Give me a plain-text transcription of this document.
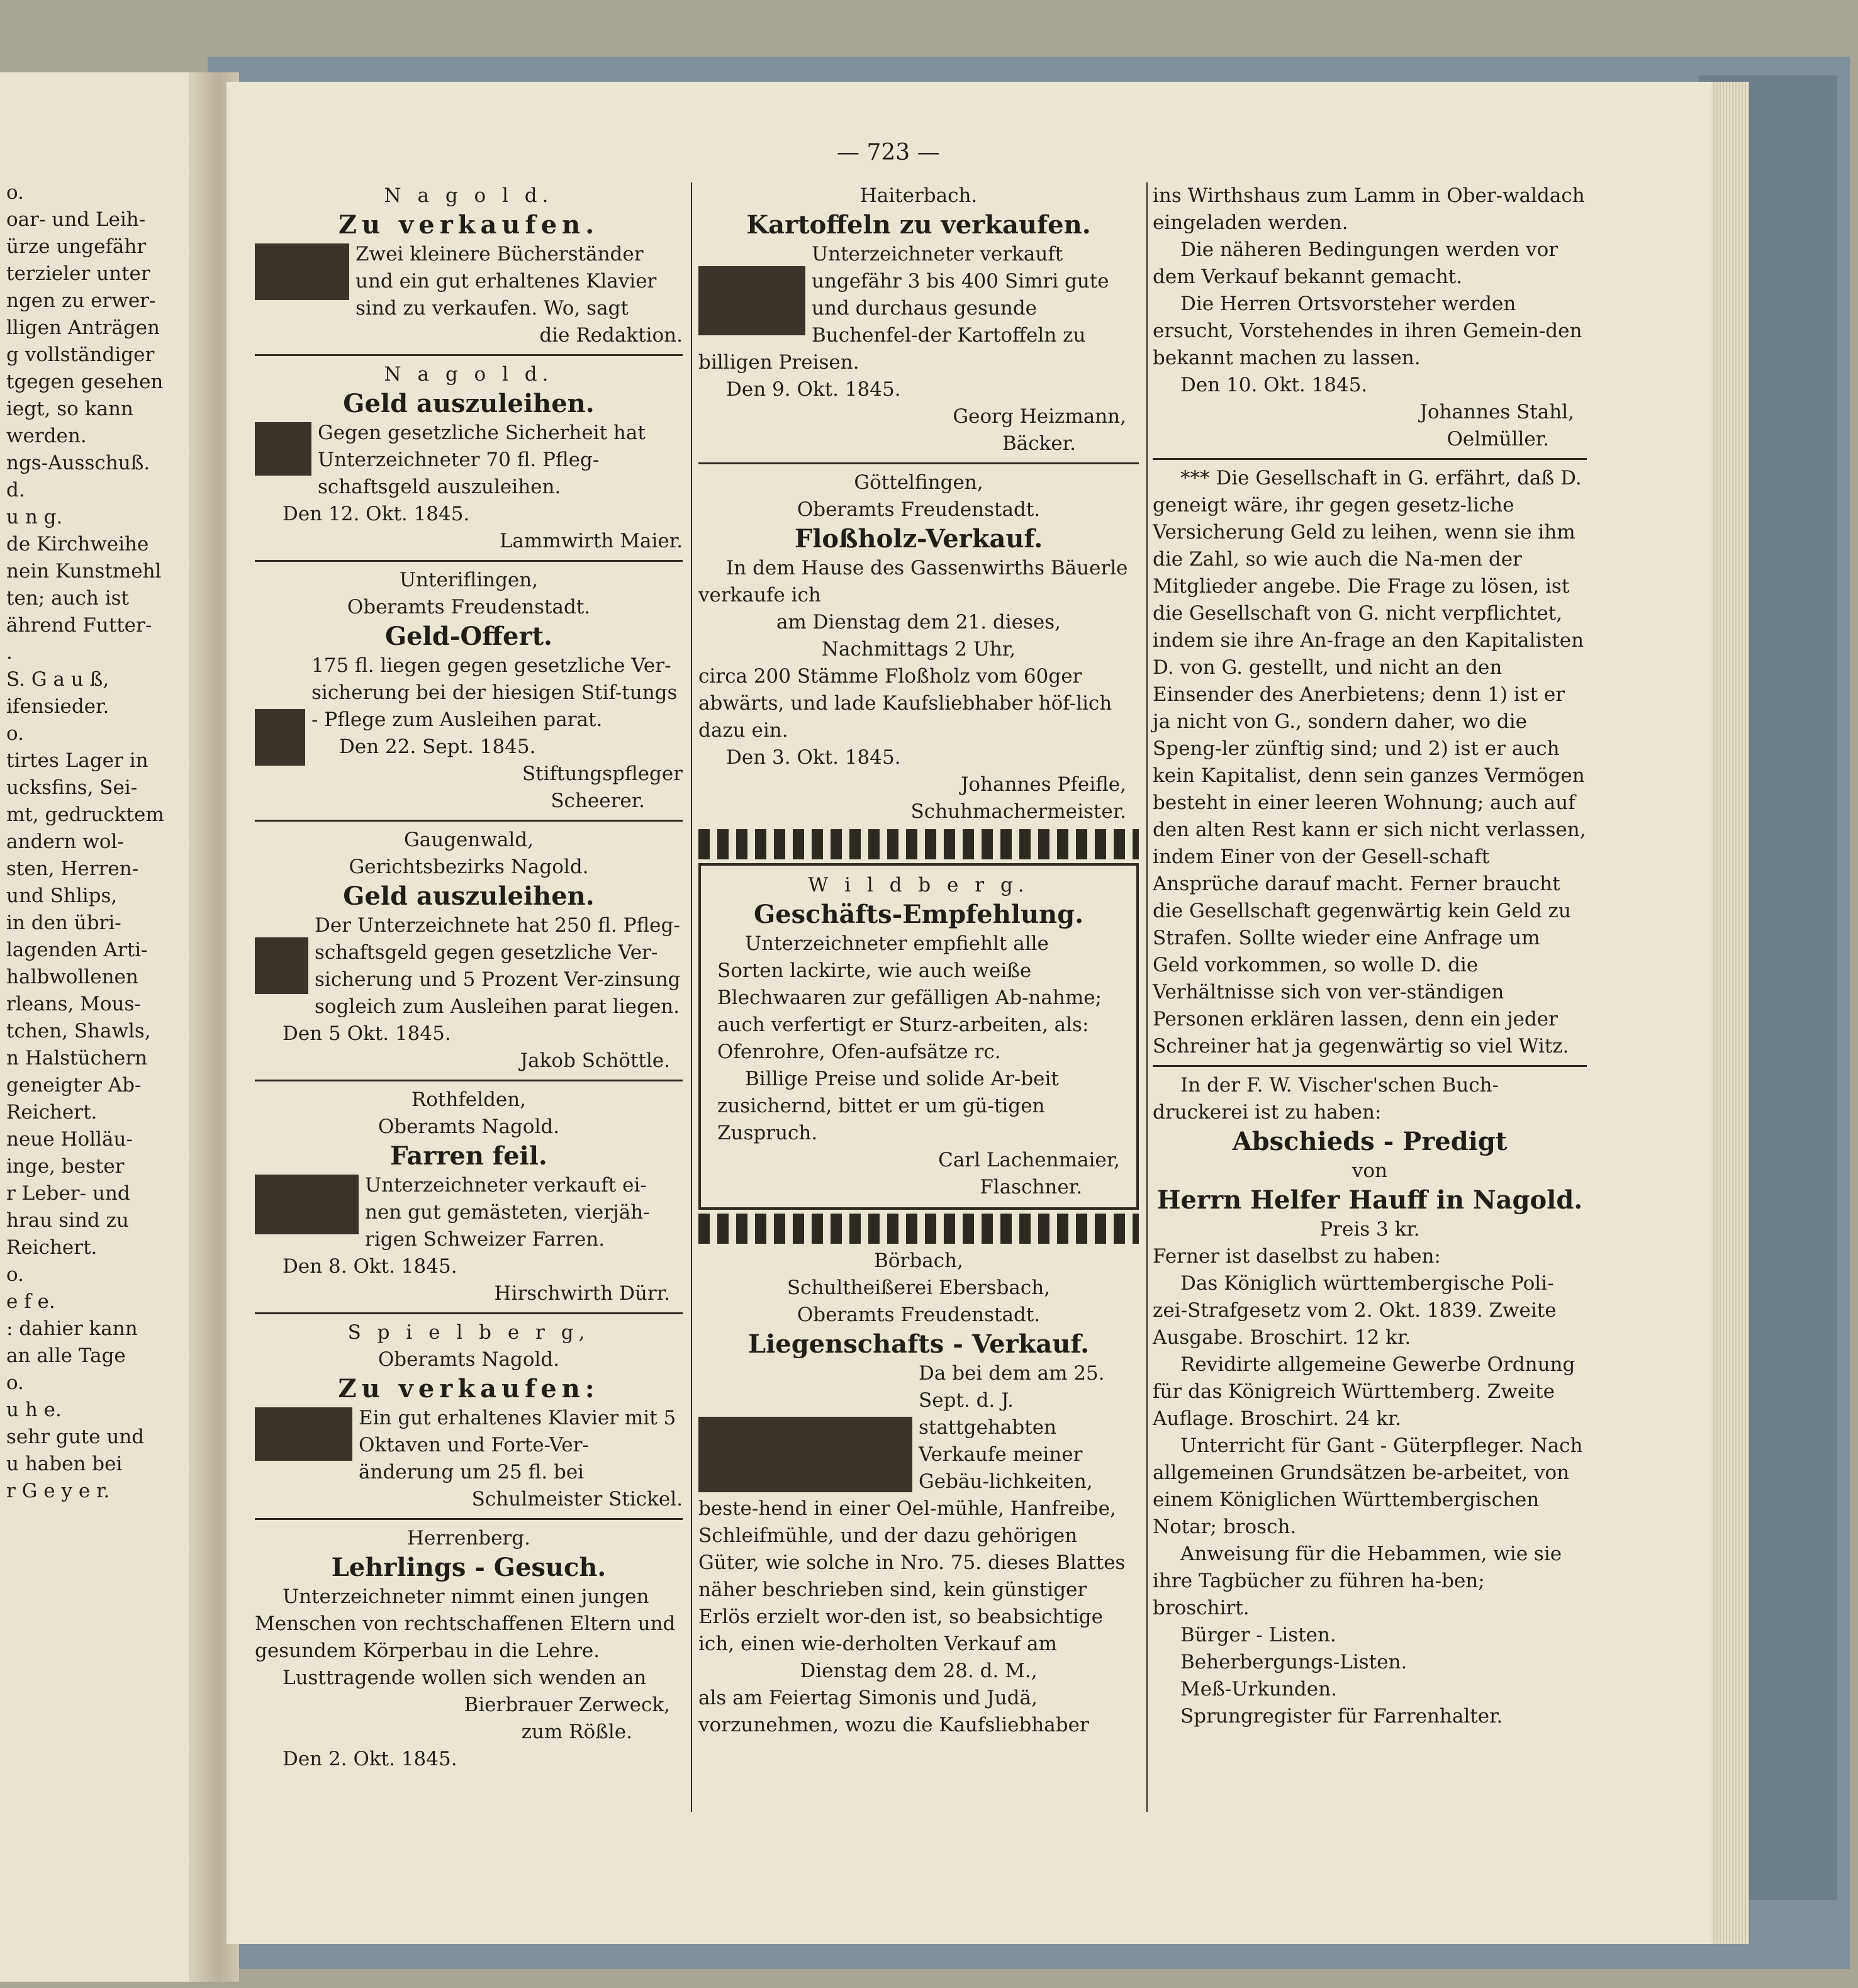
o.
oar- und Leih-
ürze ungefähr
terzieler unter
ngen zu erwer-
lligen Anträgen
g vollständiger
tgegen gesehen
iegt, so kann
werden.
ngs-Ausschuß.
d.
u n g.
de Kirchweihe
nein Kunstmehl
ten; auch ist
ährend Futter-
.
S. G a u ß,
ifensieder.
o.
tirtes Lager in
ucksfins, Sei-
mt, gedrucktem
andern wol-
sten, Herren-
und Shlips,
in den übri-
lagenden Arti-
halbwollenen
rleans, Mous-
tchen, Shawls,
n Halstüchern
geneigter Ab-
Reichert.
neue Holläu-
inge, bester
r Leber- und
hrau sind zu
Reichert.
o.
e f e.
: dahier kann
an alle Tage
o.
u h e.
sehr gute und
u haben bei
r G e y e r.
— 723 —
N a g o l d.
Zu verkaufen.
Zwei kleinere Bücherständer und ein gut erhaltenes Klavier sind zu verkaufen. Wo, sagt
die Redaktion.
N a g o l d.
Geld auszuleihen.
Gegen gesetzliche Sicherheit hat Unterzeichneter 70 fl. Pfleg-schaftsgeld auszuleihen.
Den 12. Okt. 1845.
Lammwirth Maier.
Unteriflingen,
Oberamts Freudenstadt.
Geld-Offert.
175 fl. liegen gegen gesetzliche Ver-sicherung bei der hiesigen Stif-tungs - Pflege zum Ausleihen parat.
Den 22. Sept. 1845.
Stiftungspfleger
Scheerer.
Gaugenwald,
Gerichtsbezirks Nagold.
Geld auszuleihen.
Der Unterzeichnete hat 250 fl. Pfleg-schaftsgeld gegen gesetzliche Ver-sicherung und 5 Prozent Ver-zinsung sogleich zum Ausleihen parat liegen.
Den 5 Okt. 1845.
Jakob Schöttle.
Rothfelden,
Oberamts Nagold.
Farren feil.
Unterzeichneter verkauft ei-nen gut gemästeten, vierjäh-rigen Schweizer Farren.
Den 8. Okt. 1845.
Hirschwirth Dürr.
S p i e l b e r g,
Oberamts Nagold.
Zu verkaufen:
Ein gut erhaltenes Klavier mit 5 Oktaven und Forte-Ver-änderung um 25 fl. bei
Schulmeister Stickel.
Herrenberg.
Lehrlings - Gesuch.
Unterzeichneter nimmt einen jungen Menschen von rechtschaffenen Eltern und gesundem Körperbau in die Lehre.
Lusttragende wollen sich wenden an
Bierbrauer Zerweck,
zum Rößle.
Den 2. Okt. 1845.
Haiterbach.
Kartoffeln zu verkaufen.
Unterzeichneter verkauft ungefähr 3 bis 400 Simri gute und durchaus gesunde Buchenfel-der Kartoffeln zu billigen Preisen.
Den 9. Okt. 1845.
Georg Heizmann,
Bäcker.
Göttelfingen,
Oberamts Freudenstadt.
Floßholz-Verkauf.
In dem Hause des Gassenwirths Bäuerle verkaufe ich
am Dienstag dem 21. dieses,
Nachmittags 2 Uhr,
circa 200 Stämme Floßholz vom 60ger abwärts, und lade Kaufsliebhaber höf-lich dazu ein.
Den 3. Okt. 1845.
Johannes Pfeifle,
Schuhmachermeister.
W i l d b e r g.
Geschäfts-Empfehlung.
Unterzeichneter empfiehlt alle Sorten lackirte, wie auch weiße Blechwaaren zur gefälligen Ab-nahme; auch verfertigt er Sturz-arbeiten, als: Ofenrohre, Ofen-aufsätze rc.
Billige Preise und solide Ar-beit zusichernd, bittet er um gü-tigen Zuspruch.
Carl Lachenmaier,
Flaschner.
Börbach,
Schultheißerei Ebersbach,
Oberamts Freudenstadt.
Liegenschafts - Verkauf.
Da bei dem am 25. Sept. d. J. stattgehabten Verkaufe meiner Gebäu-lichkeiten, beste-hend in einer Oel-mühle, Hanfreibe, Schleifmühle, und der dazu gehörigen Güter, wie solche in Nro. 75. dieses Blattes näher beschrieben sind, kein günstiger Erlös erzielt wor-den ist, so beabsichtige ich, einen wie-derholten Verkauf am
Dienstag dem 28. d. M.,
als am Feiertag Simonis und Judä, vorzunehmen, wozu die Kaufsliebhaber
ins Wirthshaus zum Lamm in Ober-waldach eingeladen werden.
Die näheren Bedingungen werden vor dem Verkauf bekannt gemacht.
Die Herren Ortsvorsteher werden ersucht, Vorstehendes in ihren Gemein-den bekannt machen zu lassen.
Den 10. Okt. 1845.
Johannes Stahl,
Oelmüller.
*** Die Gesellschaft in G. erfährt, daß D. geneigt wäre, ihr gegen gesetz-liche Versicherung Geld zu leihen, wenn sie ihm die Zahl, so wie auch die Na-men der Mitglieder angebe. Die Frage zu lösen, ist die Gesellschaft von G. nicht verpflichtet, indem sie ihre An-frage an den Kapitalisten D. von G. gestellt, und nicht an den Einsender des Anerbietens; denn 1) ist er ja nicht von G., sondern daher, wo die Speng-ler zünftig sind; und 2) ist er auch kein Kapitalist, denn sein ganzes Vermögen besteht in einer leeren Wohnung; auch auf den alten Rest kann er sich nicht verlassen, indem Einer von der Gesell-schaft Ansprüche darauf macht. Ferner braucht die Gesellschaft gegenwärtig kein Geld zu Strafen. Sollte wieder eine Anfrage um Geld vorkommen, so wolle D. die Verhältnisse sich von ver-ständigen Personen erklären lassen, denn ein jeder Schreiner hat ja gegenwärtig so viel Witz.
In der F. W. Vischer'schen Buch-druckerei ist zu haben:
Abschieds - Predigt
von
Herrn Helfer Hauff in Nagold.
Preis 3 kr.
Ferner ist daselbst zu haben:
Das Königlich württembergische Poli-zei-Strafgesetz vom 2. Okt. 1839. Zweite Ausgabe. Broschirt. 12 kr.
Revidirte allgemeine Gewerbe Ordnung für das Königreich Württemberg. Zweite Auflage. Broschirt. 24 kr.
Unterricht für Gant - Güterpfleger. Nach allgemeinen Grundsätzen be-arbeitet, von einem Königlichen Württembergischen Notar; brosch.
Anweisung für die Hebammen, wie sie ihre Tagbücher zu führen ha-ben; broschirt.
Bürger - Listen.
Beherbergungs-Listen.
Meß-Urkunden.
Sprungregister für Farrenhalter.
